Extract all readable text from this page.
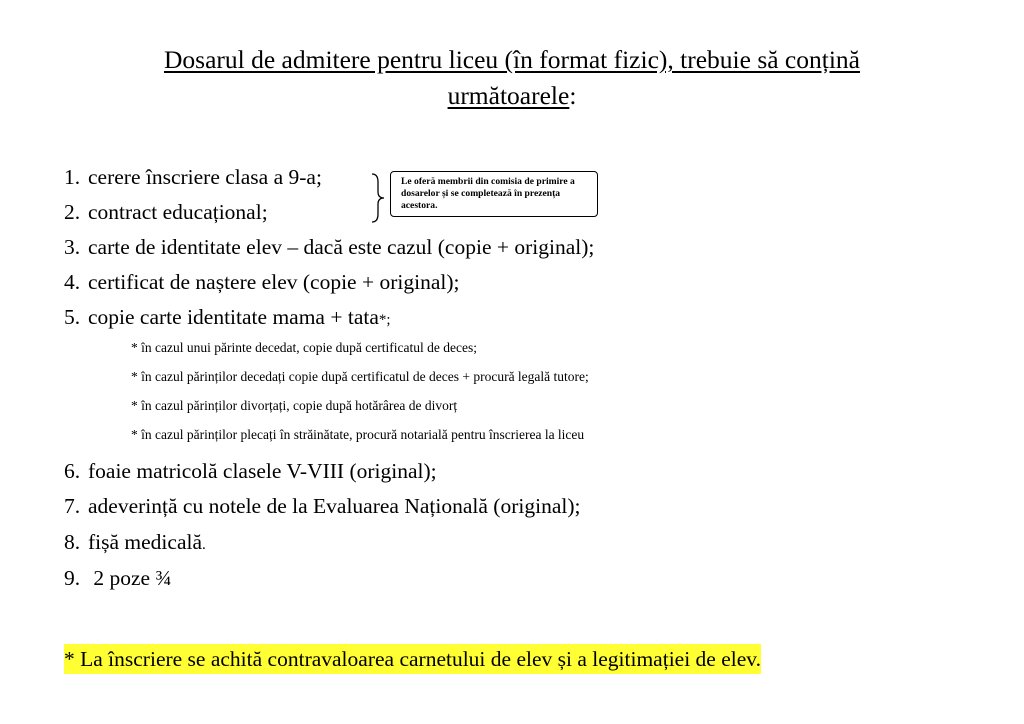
Dosarul de admitere pentru liceu (în format fizic), trebuie să conțină
următoarele:
1. cerere înscriere clasa a 9-a;
2. contract educațional;
3. carte de identitate elev – dacă este cazul (copie + original);
4. certificat de naștere elev (copie + original);
5. copie carte identitate mama + tata*;
* în cazul unui părinte decedat, copie după certificatul de deces;
* în cazul părinților decedați copie după certificatul de deces + procură legală tutore;
* în cazul părinților divorțați, copie după hotărârea de divorț
* în cazul părinților plecați în străinătate, procură notarială pentru înscrierea la liceu
6. foaie matricolă clasele V-VIII (original);
7. adeverință cu notele de la Evaluarea Națională (original);
8. fișă medicală.
9. 2 poze ¾
Le oferă membrii din comisia de primire a dosarelor și se completează în prezența acestora.
* La înscriere se achită contravaloarea carnetului de elev și a legitimației de elev.
